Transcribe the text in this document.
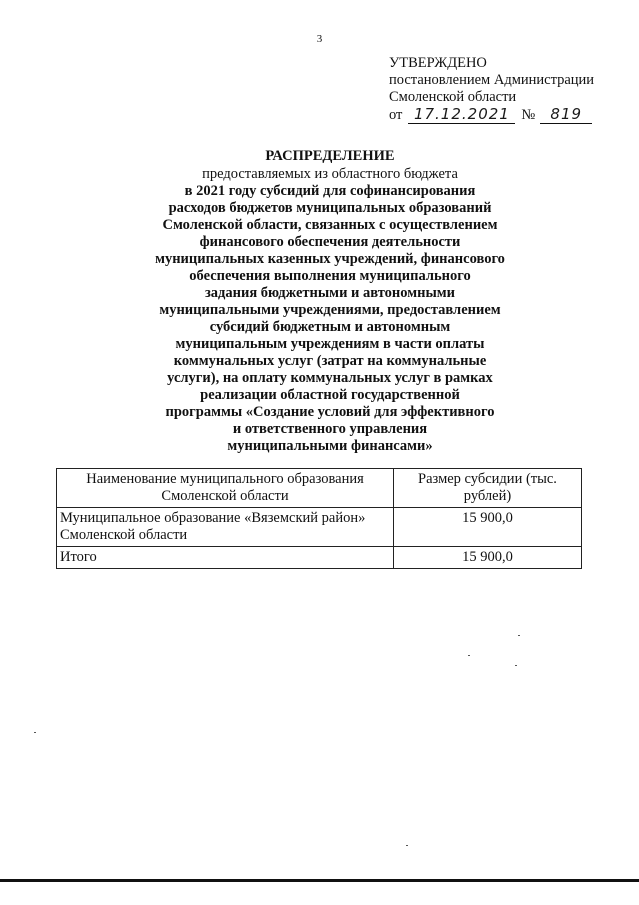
3
УТВЕРЖДЕНО
постановлением Администрации
Смоленской области
от 17.12.2021 №	819
РАСПРЕДЕЛЕНИЕ
предоставляемых из областного бюджета
в 2021 году субсидий для софинансирования
расходов бюджетов муниципальных образований
Смоленской области, связанных с осуществлением
финансового обеспечения деятельности
муниципальных казенных учреждений, финансового
обеспечения выполнения муниципального
задания бюджетными и автономными
муниципальными учреждениями, предоставлением
субсидий бюджетным и автономным
муниципальным учреждениям в части оплаты
коммунальных услуг (затрат на коммунальные
услуги), на оплату коммунальных услуг в рамках
реализации областной государственной
программы «Создание условий для эффективного
и ответственного управления
муниципальными финансами»
Наименование муниципального образования Смоленской области	Размер субсидии (тыс. рублей)
Муниципальное образование «Вяземский район» Смоленской области	15 900,0
Итого	15 900,0
